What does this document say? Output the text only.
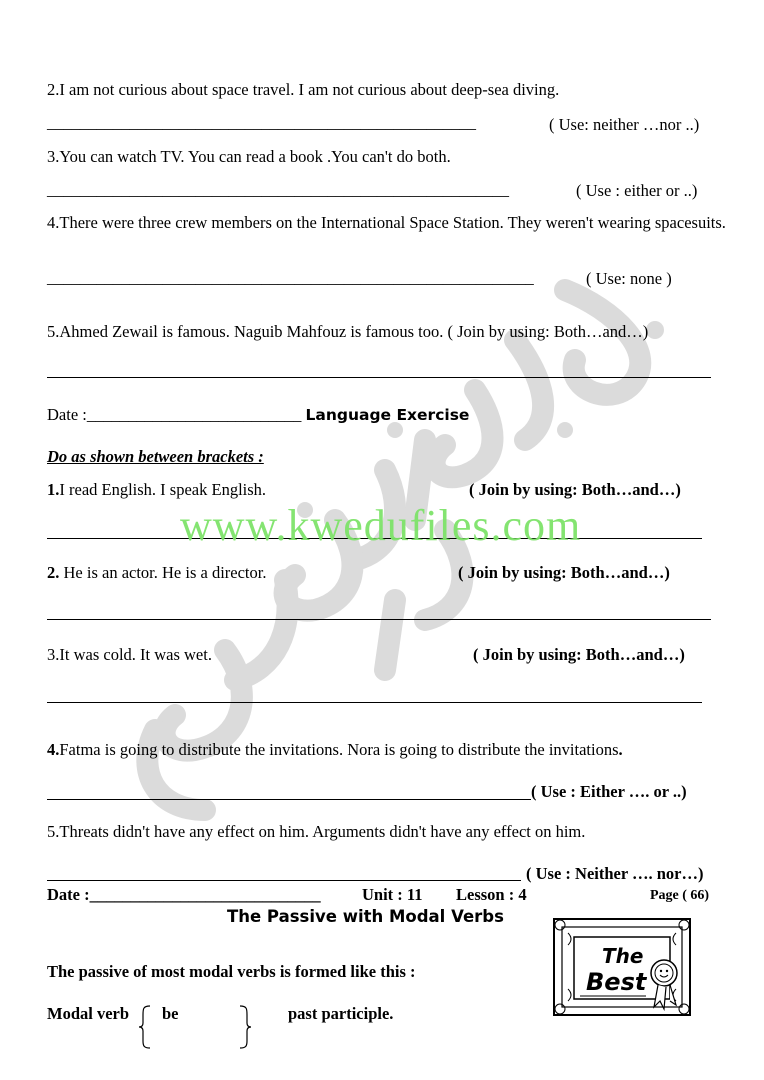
2.I am not curious about space travel. I am not curious about deep-sea diving.
____________________________________________________	( Use: neither …nor ..)
3.You can watch TV. You can read a book .You can't do both.
________________________________________________________	( Use : either or ..)
4.There were three crew members on the International Space Station. They weren't wearing spacesuits.
___________________________________________________________	( Use: none )
5.Ahmed Zewail is famous. Naguib Mahfouz is famous too. ( Join by using: Both…and…)
Date :__________________________ Language Exercise
Do as shown between brackets :
1.I read English. I speak English.	( Join by using: Both…and…)
2. He is an actor. He is a director.	( Join by using: Both…and…)
3.It was cold. It was wet.	( Join by using: Both…and…)
4.Fatma is going to distribute the invitations. Nora is going to distribute the invitations.
( Use : Either …. or ..)
5.Threats didn't have any effect on him. Arguments didn't have any effect on him.
( Use : Neither …. nor…)
Date :____________________________	Unit : 11 Lesson : 4	Page ( 66)
The Passive with Modal Verbs
The passive of most modal verbs is formed like this :
Modal verb be	past participle.
The
Best
www.kwedufiles.com
